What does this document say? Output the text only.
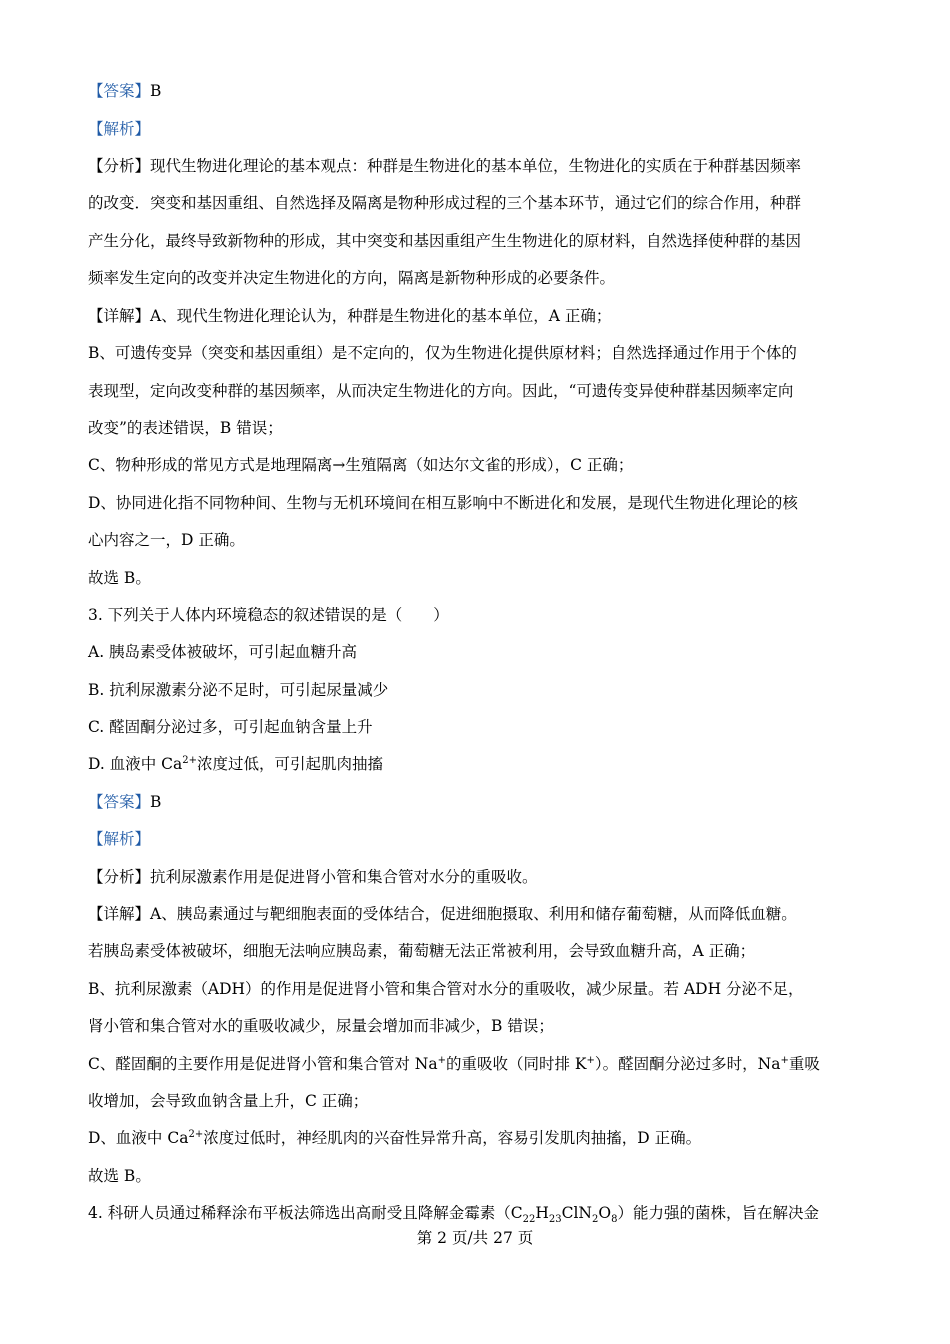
【答案】B
【解析】
【分析】现代生物进化理论的基本观点：种群是生物进化的基本单位，生物进化的实质在于种群基因频率
的改变．突变和基因重组、自然选择及隔离是物种形成过程的三个基本环节，通过它们的综合作用，种群
产生分化，最终导致新物种的形成，其中突变和基因重组产生生物进化的原材料，自然选择使种群的基因
频率发生定向的改变并决定生物进化的方向，隔离是新物种形成的必要条件。
【详解】A、现代生物进化理论认为，种群是生物进化的基本单位，A 正确；
B、可遗传变异（突变和基因重组）是不定向的，仅为生物进化提供原材料；自然选择通过作用于个体的
表现型，定向改变种群的基因频率，从而决定生物进化的方向。因此，“可遗传变异使种群基因频率定向
改变”的表述错误，B 错误；
C、物种形成的常见方式是地理隔离→生殖隔离（如达尔文雀的形成），C 正确；
D、协同进化指不同物种间、生物与无机环境间在相互影响中不断进化和发展，是现代生物进化理论的核
心内容之一，D 正确。
故选 B。
3. 下列关于人体内环境稳态的叙述错误的是（　　）
A. 胰岛素受体被破坏，可引起血糖升高
B. 抗利尿激素分泌不足时，可引起尿量减少
C. 醛固酮分泌过多，可引起血钠含量上升
D. 血液中 $Ca^{2+}$浓度过低，可引起肌肉抽搐
【答案】B
【解析】
【分析】抗利尿激素作用是促进肾小管和集合管对水分的重吸收。
【详解】A、胰岛素通过与靶细胞表面的受体结合，促进细胞摄取、利用和储存葡萄糖，从而降低血糖。
若胰岛素受体被破坏，细胞无法响应胰岛素，葡萄糖无法正常被利用，会导致血糖升高，A 正确；
B、抗利尿激素（ADH）的作用是促进肾小管和集合管对水分的重吸收，减少尿量。若 ADH 分泌不足，
肾小管和集合管对水的重吸收减少，尿量会增加而非减少，B 错误；
C、醛固酮的主要作用是促进肾小管和集合管对 Na+的重吸收（同时排 K+）。醛固酮分泌过多时，Na+重吸
收增加，会导致血钠含量上升，C 正确；
D、血液中 $Ca^{2+}$浓度过低时，神经肌肉的兴奋性异常升高，容易引发肌肉抽搐，D 正确。
故选 B。
4. 科研人员通过稀释涂布平板法筛选出高耐受且降解金霉素$(C_{22}H_{23}ClN_2O_8)$能力强的菌株，旨在解决金
第 2 页/共 27 页
